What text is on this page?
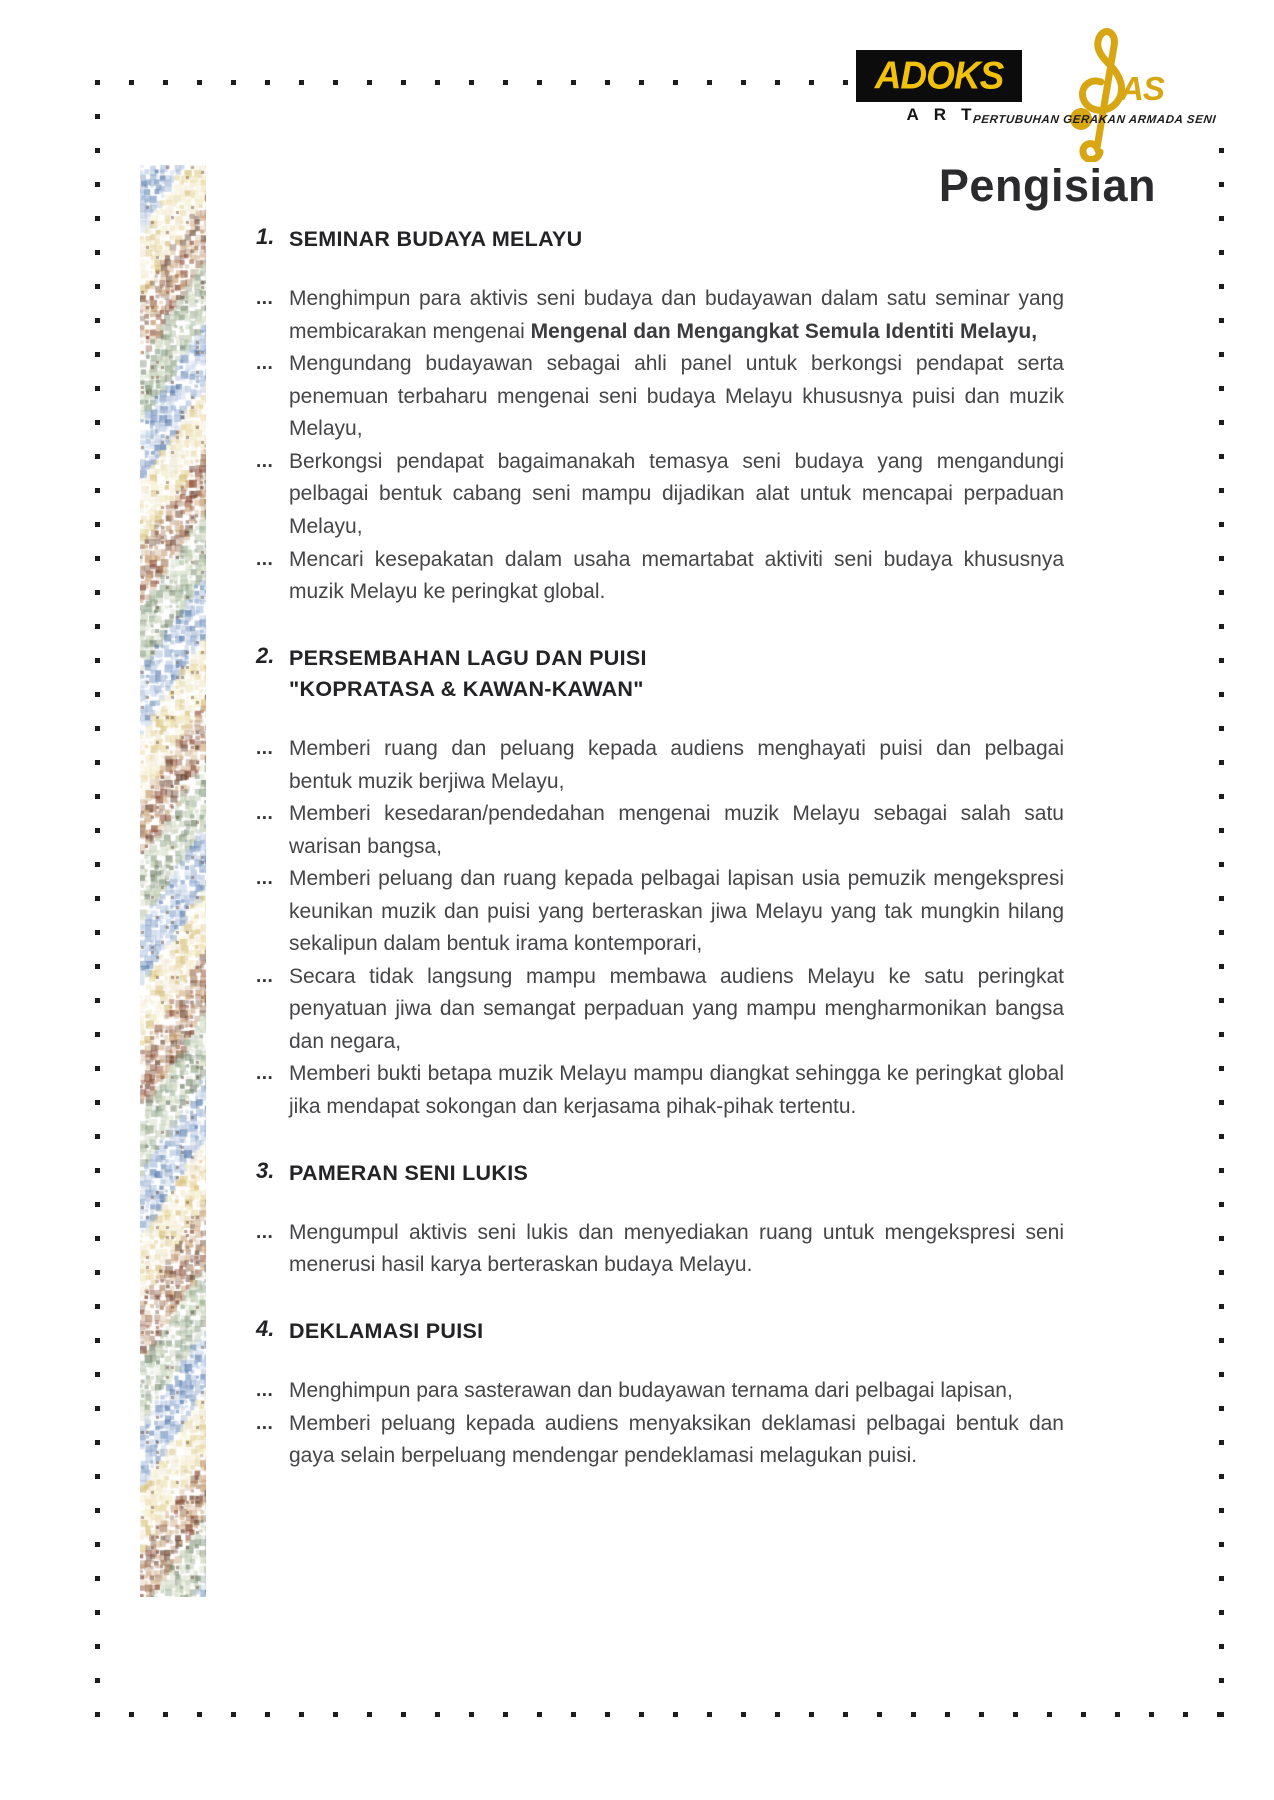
ADOKS
ART
AS
PERTUBUHAN GERAKAN ARMADA SENI
Pengisian
1. SEMINAR BUDAYA MELAYU
... Menghimpun para aktivis seni budaya dan budayawan dalam satu seminar yang membicarakan mengenai Mengenal dan Mengangkat Semula Identiti Melayu,

... Mengundang budayawan sebagai ahli panel untuk berkongsi pendapat serta penemuan terbaharu mengenai seni budaya Melayu khususnya puisi dan muzik Melayu,

... Berkongsi pendapat bagaimanakah temasya seni budaya yang mengandungi pelbagai bentuk cabang seni mampu dijadikan alat untuk mencapai perpaduan Melayu,

... Mencari kesepakatan dalam usaha memartabat aktiviti seni budaya khususnya muzik Melayu ke peringkat global.

2. PERSEMBAHAN LAGU DAN PUISI
"KOPRATASA & KAWAN-KAWAN"
... Memberi ruang dan peluang kepada audiens menghayati puisi dan pelbagai bentuk muzik berjiwa Melayu,

... Memberi kesedaran/pendedahan mengenai muzik Melayu sebagai salah satu warisan bangsa,

... Memberi peluang dan ruang kepada pelbagai lapisan usia pemuzik mengekspresi keunikan muzik dan puisi yang berteraskan jiwa Melayu yang tak mungkin hilang sekalipun dalam bentuk irama kontemporari,

... Secara tidak langsung mampu membawa audiens Melayu ke satu peringkat penyatuan jiwa dan semangat perpaduan yang mampu mengharmonikan bangsa dan negara,

... Memberi bukti betapa muzik Melayu mampu diangkat sehingga ke peringkat global jika mendapat sokongan dan kerjasama pihak-pihak tertentu.

3. PAMERAN SENI LUKIS
... Mengumpul aktivis seni lukis dan menyediakan ruang untuk mengekspresi seni menerusi hasil karya berteraskan budaya Melayu.

4. DEKLAMASI PUISI
... Menghimpun para sasterawan dan budayawan ternama dari pelbagai lapisan,

... Memberi peluang kepada audiens menyaksikan deklamasi pelbagai bentuk dan gaya selain berpeluang mendengar pendeklamasi melagukan puisi.
